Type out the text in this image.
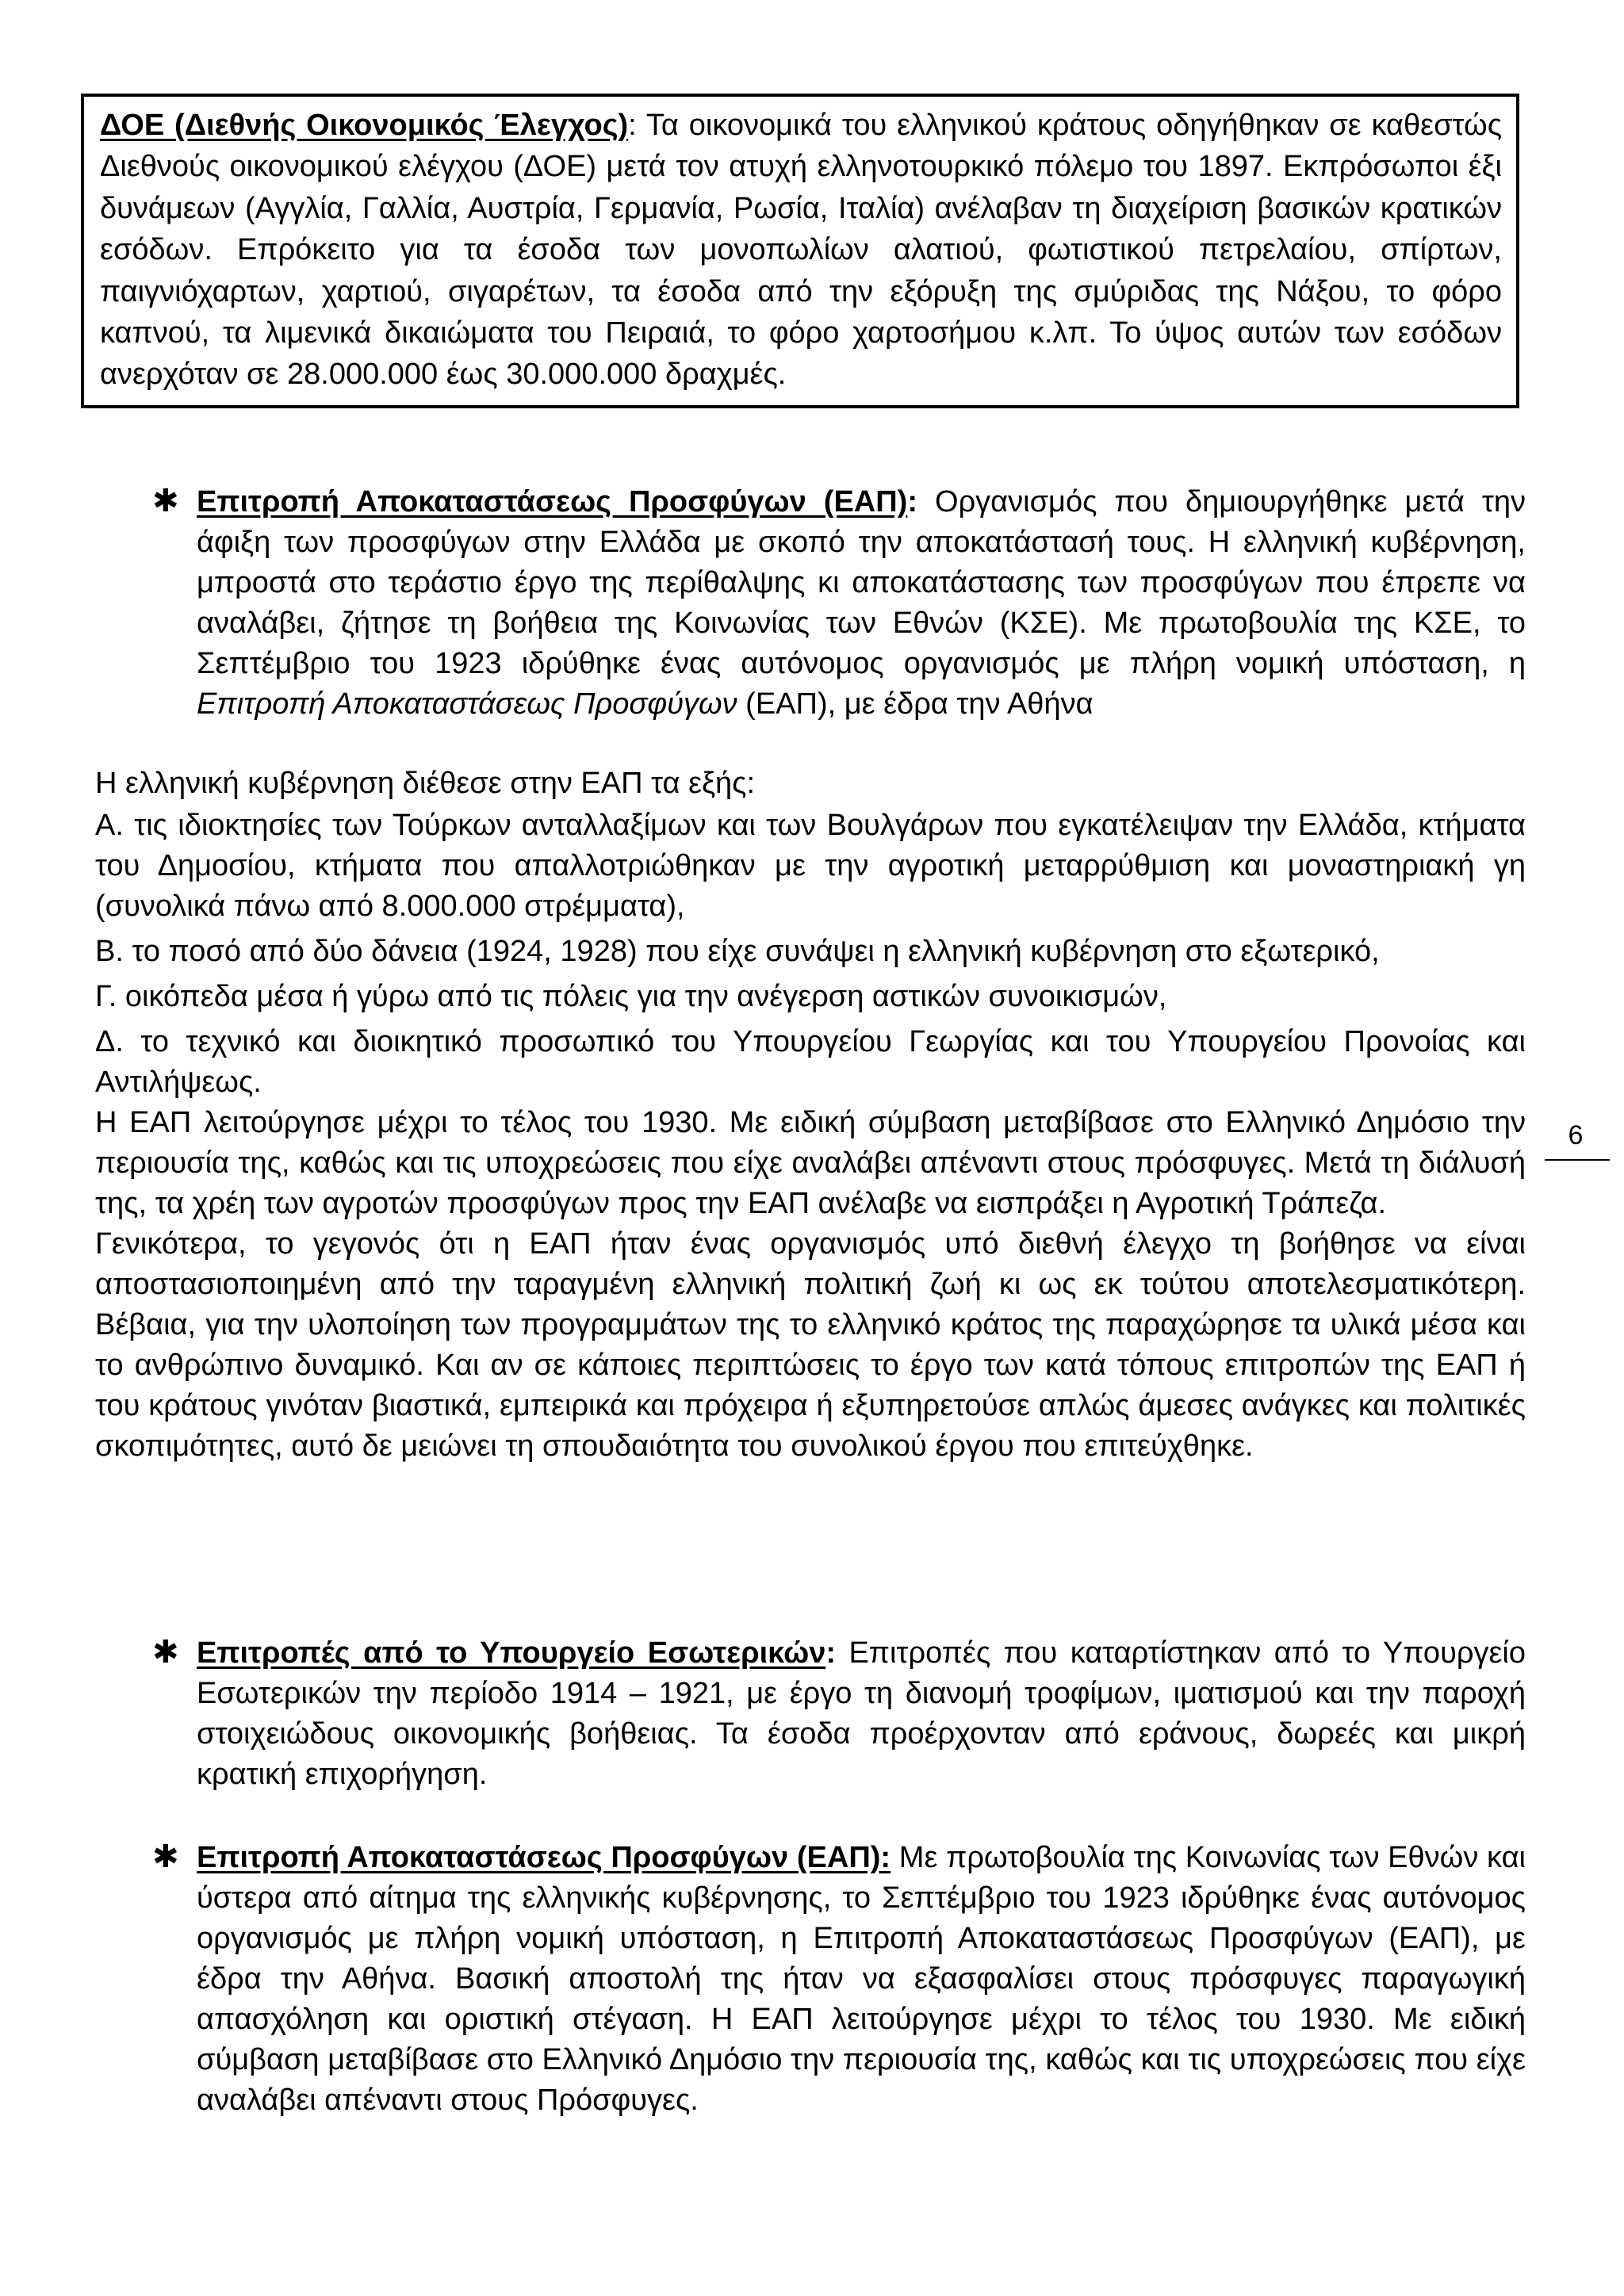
ΔΟΕ (Διεθνής Οικονομικός Έλεγχος): Τα οικονομικά του ελληνικού κράτους οδηγήθηκαν σε καθεστώς Διεθνούς οικονομικού ελέγχου (ΔΟΕ) μετά τον ατυχή ελληνοτουρκικό πόλεμο του 1897. Εκπρόσωποι έξι δυνάμεων (Αγγλία, Γαλλία, Αυστρία, Γερμανία, Ρωσία, Ιταλία) ανέλαβαν τη διαχείριση βασικών κρατικών εσόδων. Επρόκειτο για τα έσοδα των μονοπωλίων αλατιού, φωτιστικού πετρελαίου, σπίρτων, παιγνιόχαρτων, χαρτιού, σιγαρέτων, τα έσοδα από την εξόρυξη της σμύριδας της Νάξου, το φόρο καπνού, τα λιμενικά δικαιώματα του Πειραιά, το φόρο χαρτοσήμου κ.λπ. Το ύψος αυτών των εσόδων ανερχόταν σε 28.000.000 έως 30.000.000 δραχμές.
✱ Επιτροπή Αποκαταστάσεως Προσφύγων (ΕΑΠ): Οργανισμός που δημιουργήθηκε μετά την άφιξη των προσφύγων στην Ελλάδα με σκοπό την αποκατάστασή τους. Η ελληνική κυβέρνηση, μπροστά στο τεράστιο έργο της περίθαλψης κι αποκατάστασης των προσφύγων που έπρεπε να αναλάβει, ζήτησε τη βοήθεια της Κοινωνίας των Εθνών (ΚΣΕ). Με πρωτοβουλία της ΚΣΕ, το Σεπτέμβριο του 1923 ιδρύθηκε ένας αυτόνομος οργανισμός με πλήρη νομική υπόσταση, η Επιτροπή Αποκαταστάσεως Προσφύγων (ΕΑΠ), με έδρα την Αθήνα

Η ελληνική κυβέρνηση διέθεσε στην ΕΑΠ τα εξής:

Α. τις ιδιοκτησίες των Τούρκων ανταλλαξίμων και των Βουλγάρων που εγκατέλειψαν την Ελλάδα, κτήματα του Δημοσίου, κτήματα που απαλλοτριώθηκαν με την αγροτική μεταρρύθμιση και μοναστηριακή γη (συνολικά πάνω από 8.000.000 στρέμματα),

Β. το ποσό από δύο δάνεια (1924, 1928) που είχε συνάψει η ελληνική κυβέρνηση στο εξωτερικό,

Γ. οικόπεδα μέσα ή γύρω από τις πόλεις για την ανέγερση αστικών συνοικισμών,

Δ. το τεχνικό και διοικητικό προσωπικό του Υπουργείου Γεωργίας και του Υπουργείου Προνοίας και Αντιλήψεως.

Η ΕΑΠ λειτούργησε μέχρι το τέλος του 1930. Με ειδική σύμβαση μεταβίβασε στο Ελληνικό Δημόσιο την περιουσία της, καθώς και τις υποχρεώσεις που είχε αναλάβει απέναντι στους πρόσφυγες. Μετά τη διάλυσή της, τα χρέη των αγροτών προσφύγων προς την ΕΑΠ ανέλαβε να εισπράξει η Αγροτική Τράπεζα.

Γενικότερα, το γεγονός ότι η ΕΑΠ ήταν ένας οργανισμός υπό διεθνή έλεγχο τη βοήθησε να είναι αποστασιοποιημένη από την ταραγμένη ελληνική πολιτική ζωή κι ως εκ τούτου αποτελεσματικότερη. Βέβαια, για την υλοποίηση των προγραμμάτων της το ελληνικό κράτος της παραχώρησε τα υλικά μέσα και το ανθρώπινο δυναμικό. Και αν σε κάποιες περιπτώσεις το έργο των κατά τόπους επιτροπών της ΕΑΠ ή του κράτους γινόταν βιαστικά, εμπειρικά και πρόχειρα ή εξυπηρετούσε απλώς άμεσες ανάγκες και πολιτικές σκοπιμότητες, αυτό δε μειώνει τη σπουδαιότητα του συνολικού έργου που επιτεύχθηκε.

✱ Επιτροπές από το Υπουργείο Εσωτερικών: Επιτροπές που καταρτίστηκαν από το Υπουργείο Εσωτερικών την περίοδο 1914 – 1921, με έργο τη διανομή τροφίμων, ιματισμού και την παροχή στοιχειώδους οικονομικής βοήθειας. Τα έσοδα προέρχονταν από εράνους, δωρεές και μικρή κρατική επιχορήγηση.
✱ Επιτροπή Αποκαταστάσεως Προσφύγων (ΕΑΠ): Με πρωτοβουλία της Κοινωνίας των Εθνών και ύστερα από αίτημα της ελληνικής κυβέρνησης, το Σεπτέμβριο του 1923 ιδρύθηκε ένας αυτόνομος οργανισμός με πλήρη νομική υπόσταση, η Επιτροπή Αποκαταστάσεως Προσφύγων (ΕΑΠ), με έδρα την Αθήνα. Βασική αποστολή της ήταν να εξασφαλίσει στους πρόσφυγες παραγωγική απασχόληση και οριστική στέγαση. Η ΕΑΠ λειτούργησε μέχρι το τέλος του 1930. Με ειδική σύμβαση μεταβίβασε στο Ελληνικό Δημόσιο την περιουσία της, καθώς και τις υποχρεώσεις που είχε αναλάβει απέναντι στους Πρόσφυγες.
6
